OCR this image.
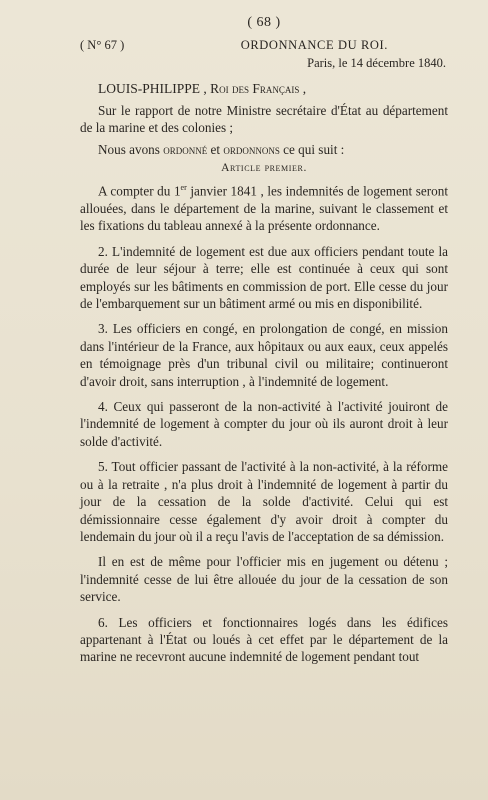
( 68 )
( N° 67 )	ORDONNANCE DU ROI.
Paris, le 14 décembre 1840.
LOUIS-PHILIPPE , Roi des Français ,

Sur le rapport de notre Ministre secrétaire d'État au département de la marine et des colonies ;

Nous avons ordonné et ordonnons ce qui suit :

Article premier.

A compter du 1er janvier 1841 , les indemnités de logement seront allouées, dans le département de la marine, suivant le classement et les fixations du tableau annexé à la présente ordonnance.

2. L'indemnité de logement est due aux officiers pendant toute la durée de leur séjour à terre; elle est continuée à ceux qui sont employés sur les bâtiments en commission de port. Elle cesse du jour de l'embarquement sur un bâtiment armé ou mis en disponibilité.

3. Les officiers en congé, en prolongation de congé, en mission dans l'intérieur de la France, aux hôpitaux ou aux eaux, ceux appelés en témoignage près d'un tribunal civil ou militaire; continueront d'avoir droit, sans interruption , à l'indemnité de logement.

4. Ceux qui passeront de la non-activité à l'activité jouiront de l'indemnité de logement à compter du jour où ils auront droit à leur solde d'activité.

5. Tout officier passant de l'activité à la non-activité, à la réforme ou à la retraite , n'a plus droit à l'indemnité de logement à partir du jour de la cessation de la solde d'activité. Celui qui est démissionnaire cesse également d'y avoir droit à compter du lendemain du jour où il a reçu l'avis de l'acceptation de sa démission.

Il en est de même pour l'officier mis en jugement ou détenu ; l'indemnité cesse de lui être allouée du jour de la cessation de son service.

6. Les officiers et fonctionnaires logés dans les édifices appartenant à l'État ou loués à cet effet par le département de la marine ne recevront aucune indemnité de logement pendant tout
